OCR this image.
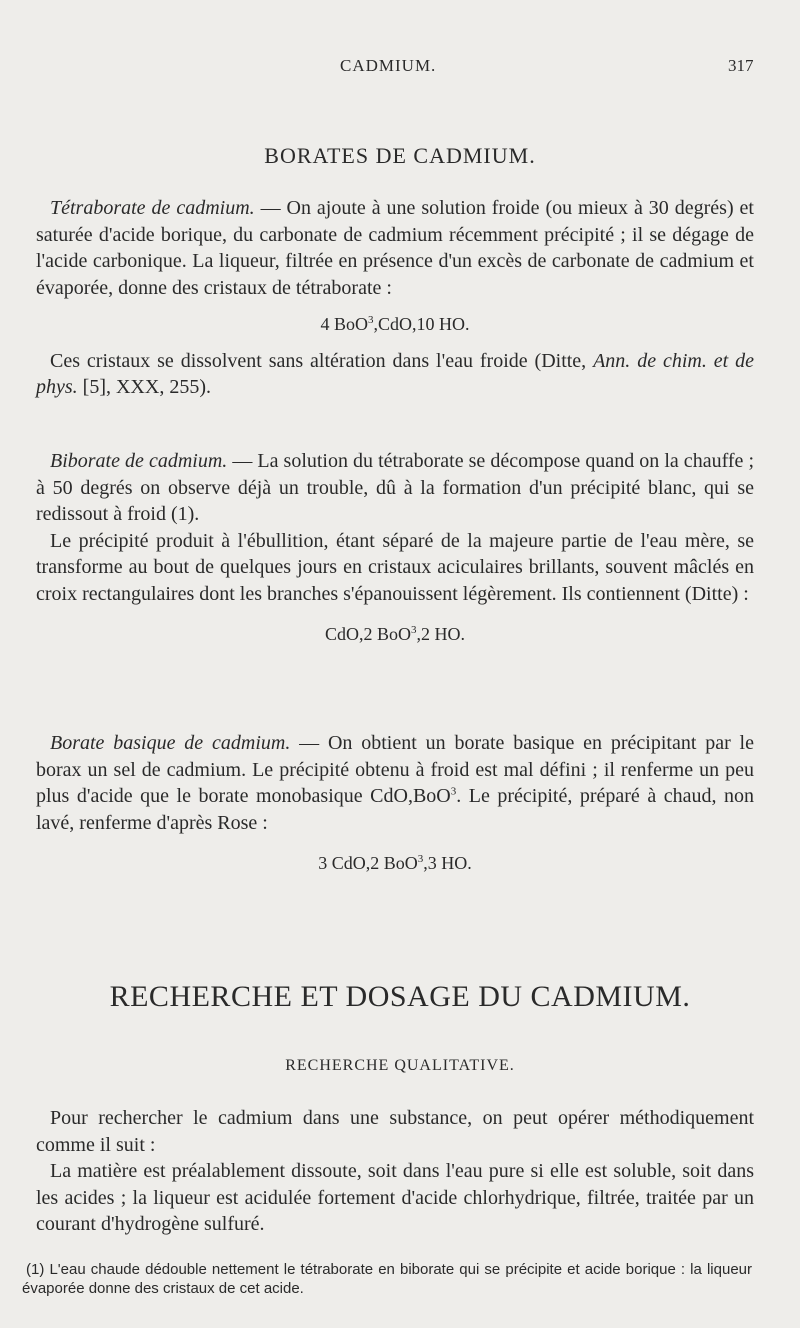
CADMIUM.	317
BORATES DE CADMIUM.

Tétraborate de cadmium. — On ajoute à une solution froide (ou mieux à 30 degrés) et saturée d'acide borique, du carbonate de cadmium récemment précipité ; il se dégage de l'acide carbonique. La liqueur, filtrée en présence d'un excès de carbonate de cadmium et évaporée, donne des cristaux de tétraborate :

4 BoO$^3$,CdO,10 HO.

Ces cristaux se dissolvent sans altération dans l'eau froide (Ditte, Ann. de chim. et de phys. [5], XXX, 255).

Biborate de cadmium. — La solution du tétraborate se décompose quand on la chauffe ; à 50 degrés on observe déjà un trouble, dû à la formation d'un précipité blanc, qui se redissout à froid (1).

Le précipité produit à l'ébullition, étant séparé de la majeure partie de l'eau mère, se transforme au bout de quelques jours en cristaux aciculaires brillants, souvent mâclés en croix rectangulaires dont les branches s'épanouissent légèrement. Ils contiennent (Ditte) :

CdO,2 BoO$^3$,2 HO.

Borate basique de cadmium. — On obtient un borate basique en précipitant par le borax un sel de cadmium. Le précipité obtenu à froid est mal défini ; il renferme un peu plus d'acide que le borate monobasique CdO,BoO$^3$. Le précipité, préparé à chaud, non lavé, renferme d'après Rose :

3 CdO,2 BoO$^3$,3 HO.

RECHERCHE ET DOSAGE DU CADMIUM.
RECHERCHE QUALITATIVE.

Pour rechercher le cadmium dans une substance, on peut opérer méthodiquement comme il suit :

La matière est préalablement dissoute, soit dans l'eau pure si elle est soluble, soit dans les acides ; la liqueur est acidulée fortement d'acide chlorhydrique, filtrée, traitée par un courant d'hydrogène sulfuré.

(1) L'eau chaude dédouble nettement le tétraborate en biborate qui se précipite et acide borique : la liqueur évaporée donne des cristaux de cet acide.
